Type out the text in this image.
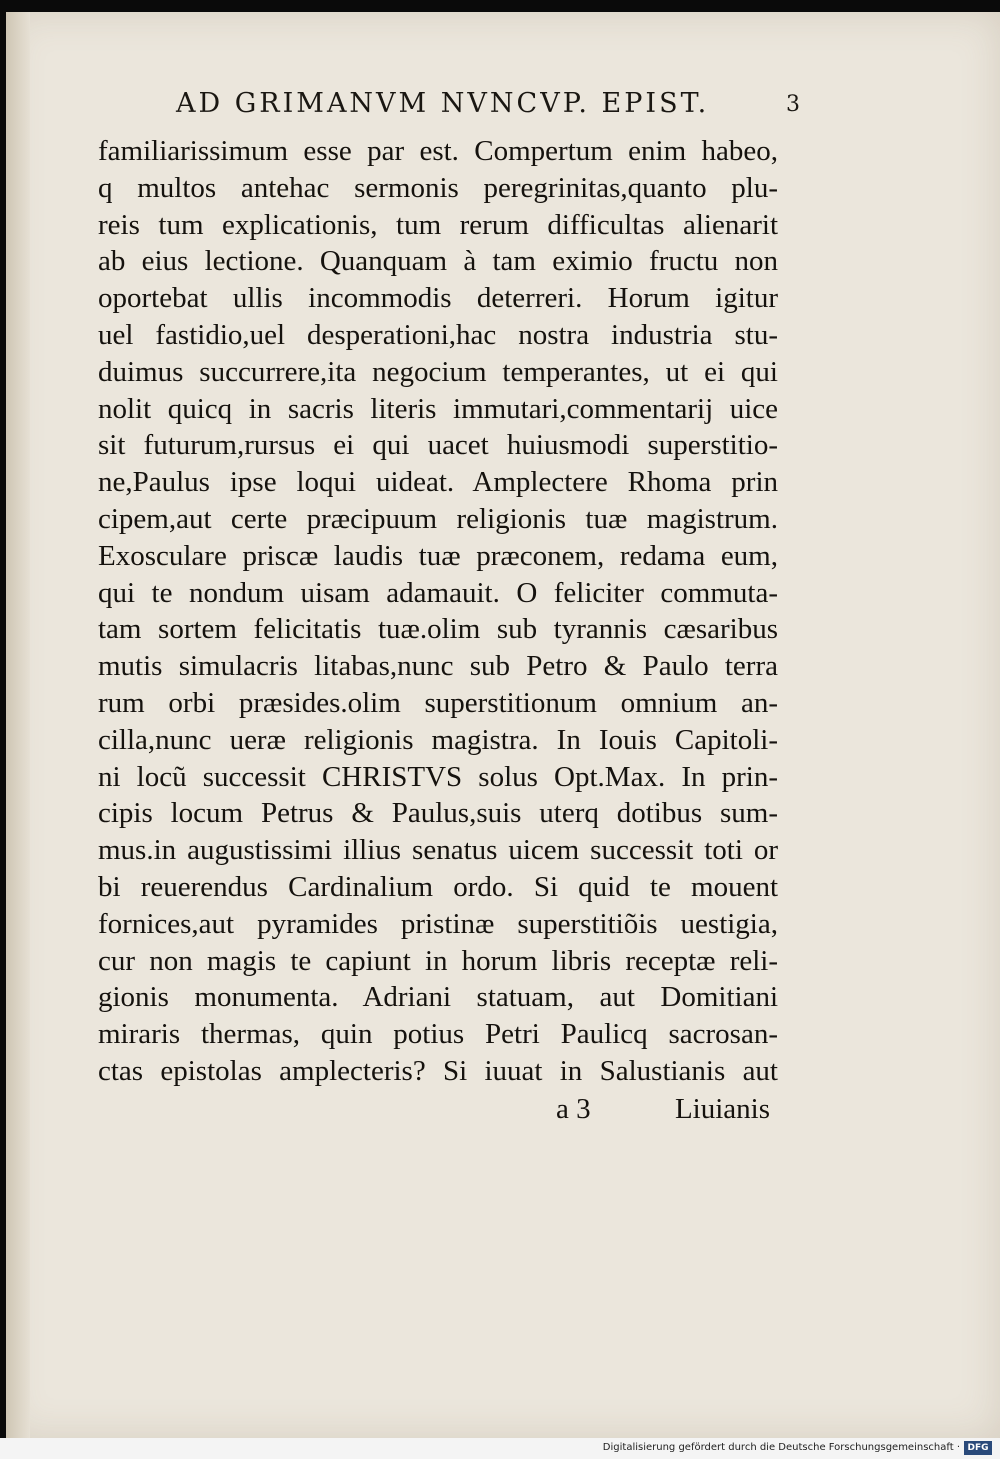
AD GRIMANVM NVNCVP. EPIST.	3
familiarissimum esse par est. Compertum enim habeo,
q multos antehac sermonis peregrinitas,quanto plu-
reis tum explicationis, tum rerum difficultas alienarit
ab eius lectione. Quanquam à tam eximio fructu non
oportebat ullis incommodis deterreri. Horum igitur
uel fastidio,uel desperationi,hac nostra industria stu-
duimus succurrere,ita negocium temperantes, ut ei qui
nolit quicq in sacris literis immutari,commentarij uice
sit futurum,rursus ei qui uacet huiusmodi superstitio-
ne,Paulus ipse loqui uideat. Amplectere Rhoma prin
cipem,aut certe præcipuum religionis tuæ magistrum.
Exosculare priscæ laudis tuæ præconem, redama eum,
qui te nondum uisam adamauit. O feliciter commuta-
tam sortem felicitatis tuæ.olim sub tyrannis cæsaribus
mutis simulacris litabas,nunc sub Petro & Paulo terra
rum orbi præsides.olim superstitionum omnium an-
cilla,nunc ueræ religionis magistra. In Iouis Capitoli-
ni locũ successit CHRISTVS solus Opt.Max. In prin-
cipis locum Petrus & Paulus,suis uterq dotibus sum-
mus.in augustissimi illius senatus uicem successit toti or
bi reuerendus Cardinalium ordo. Si quid te mouent
fornices,aut pyramides pristinæ superstitiõis uestigia,
cur non magis te capiunt in horum libris receptæ reli-
gionis monumenta. Adriani statuam, aut Domitiani
miraris thermas, quin potius Petri Paulicq sacrosan-
ctas epistolas amplecteris? Si iuuat in Salustianis aut
a 3	Liuianis
Digitalisierung gefördert durch die Deutsche Forschungsgemeinschaft · DFG
